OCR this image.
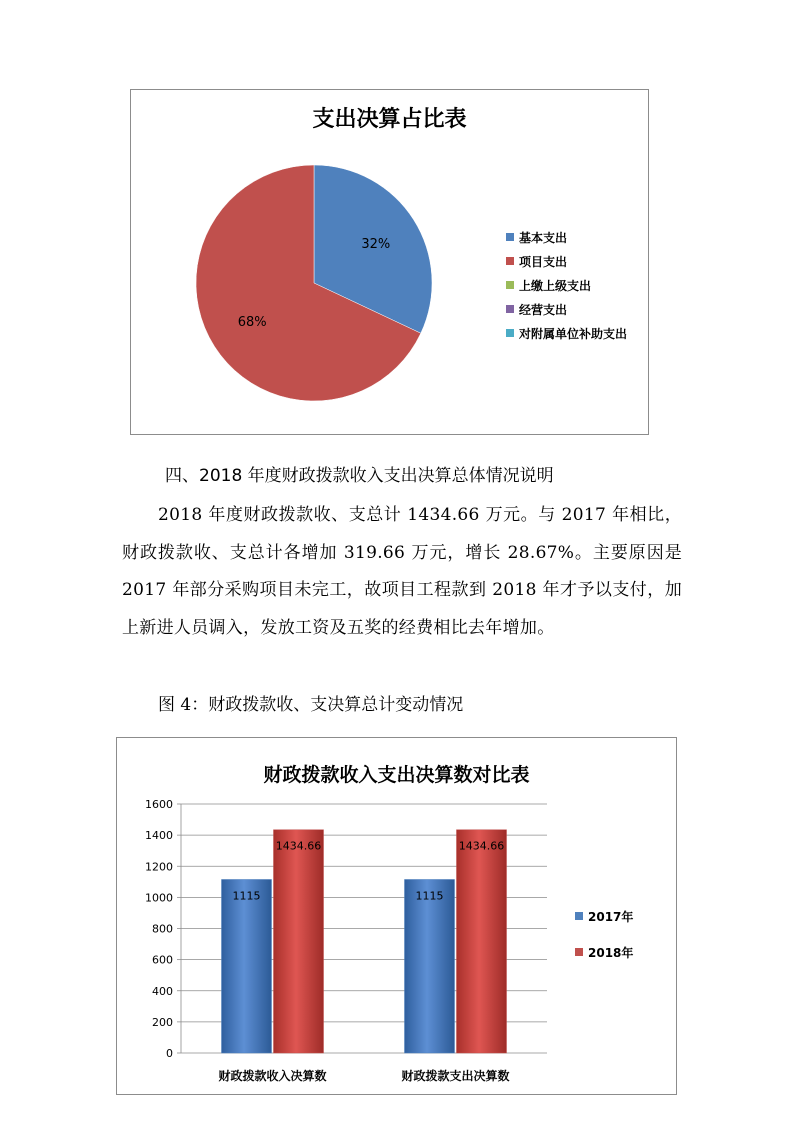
支出决算占比表
32%
68%
基本支出
项目支出
上缴上级支出
经营支出
对附属单位补助支出
四、2018 年度财政拨款收入支出决算总体情况说明
2018 年度财政拨款收、支总计 1434.66 万元。与 2017 年相比，财政拨款收、支总计各增加 319.66 万元，增长 28.67%。主要原因是 2017 年部分采购项目未完工，故项目工程款到 2018 年才予以支付，加上新进人员调入，发放工资及五奖的经费相比去年增加。
图 4：财政拨款收、支决算总计变动情况
财政拨款收入支出决算数对比表
0
200
400
600
800
1000
1200
1400
1600
1115
1434.66
财政拨款收入决算数
1115
1434.66
财政拨款支出决算数
2017年
2018年
